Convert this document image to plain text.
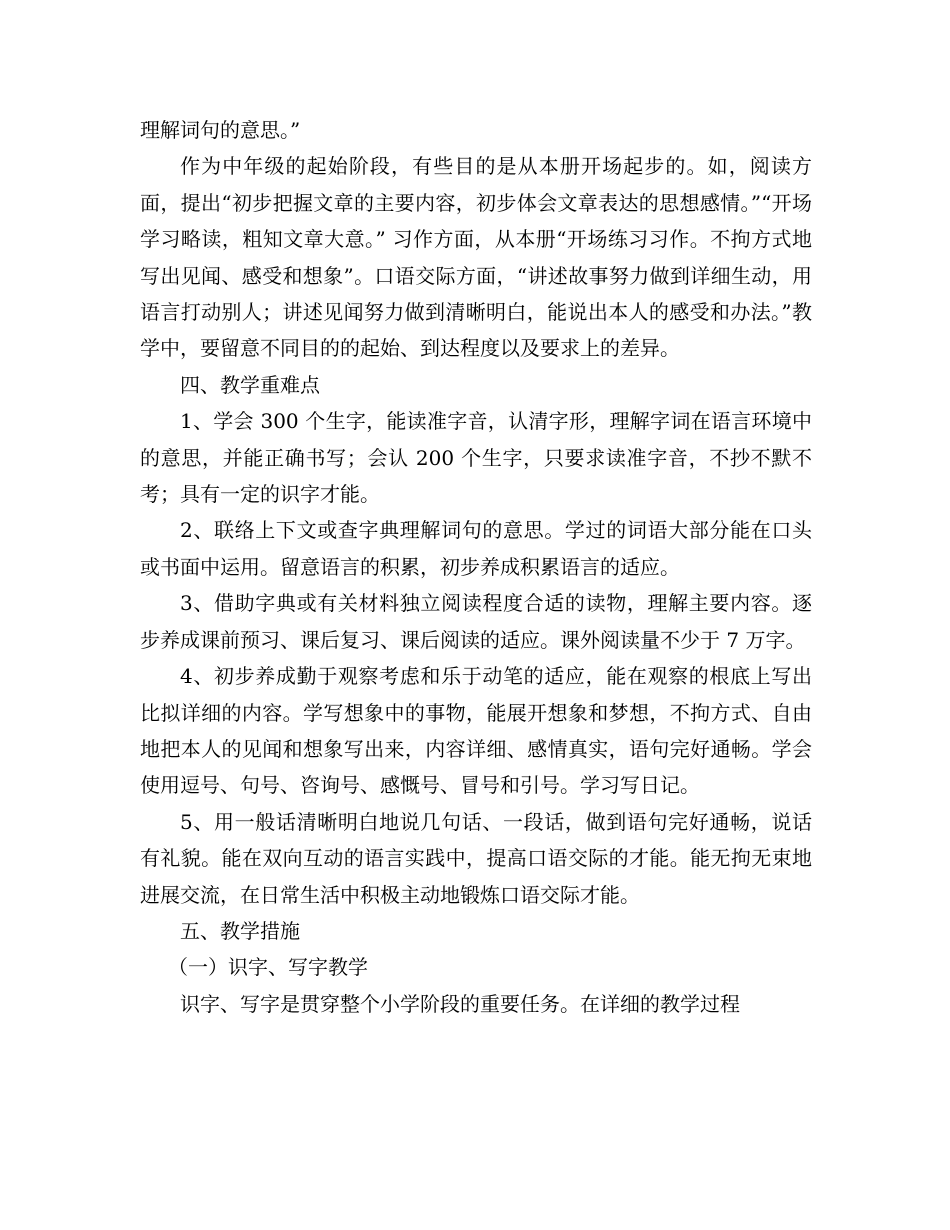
理解词句的意思。”

作为中年级的起始阶段，有些目的是从本册开场起步的。如，阅读方面，提出“初步把握文章的主要内容，初步体会文章表达的思想感情。”“开场学习略读，粗知文章大意。” 习作方面，从本册“开场练习习作。不拘方式地写出见闻、感受和想象”。口语交际方面，“讲述故事努力做到详细生动，用语言打动别人；讲述见闻努力做到清晰明白，能说出本人的感受和办法。”教学中，要留意不同目的的起始、到达程度以及要求上的差异。

四、教学重难点

1、学会 300 个生字，能读准字音，认清字形，理解字词在语言环境中的意思，并能正确书写；会认 200 个生字，只要求读准字音，不抄不默不考；具有一定的识字才能。

2、联络上下文或查字典理解词句的意思。学过的词语大部分能在口头或书面中运用。留意语言的积累，初步养成积累语言的适应。

3、借助字典或有关材料独立阅读程度合适的读物，理解主要内容。逐步养成课前预习、课后复习、课后阅读的适应。课外阅读量不少于 7 万字。

4、初步养成勤于观察考虑和乐于动笔的适应，能在观察的根底上写出比拟详细的内容。学写想象中的事物，能展开想象和梦想，不拘方式、自由地把本人的见闻和想象写出来，内容详细、感情真实，语句完好通畅。学会使用逗号、句号、咨询号、感慨号、冒号和引号。学习写日记。

5、用一般话清晰明白地说几句话、一段话，做到语句完好通畅，说话有礼貌。能在双向互动的语言实践中，提高口语交际的才能。能无拘无束地进展交流，在日常生活中积极主动地锻炼口语交际才能。

五、教学措施

（一）识字、写字教学

识字、写字是贯穿整个小学阶段的重要任务。在详细的教学过程
